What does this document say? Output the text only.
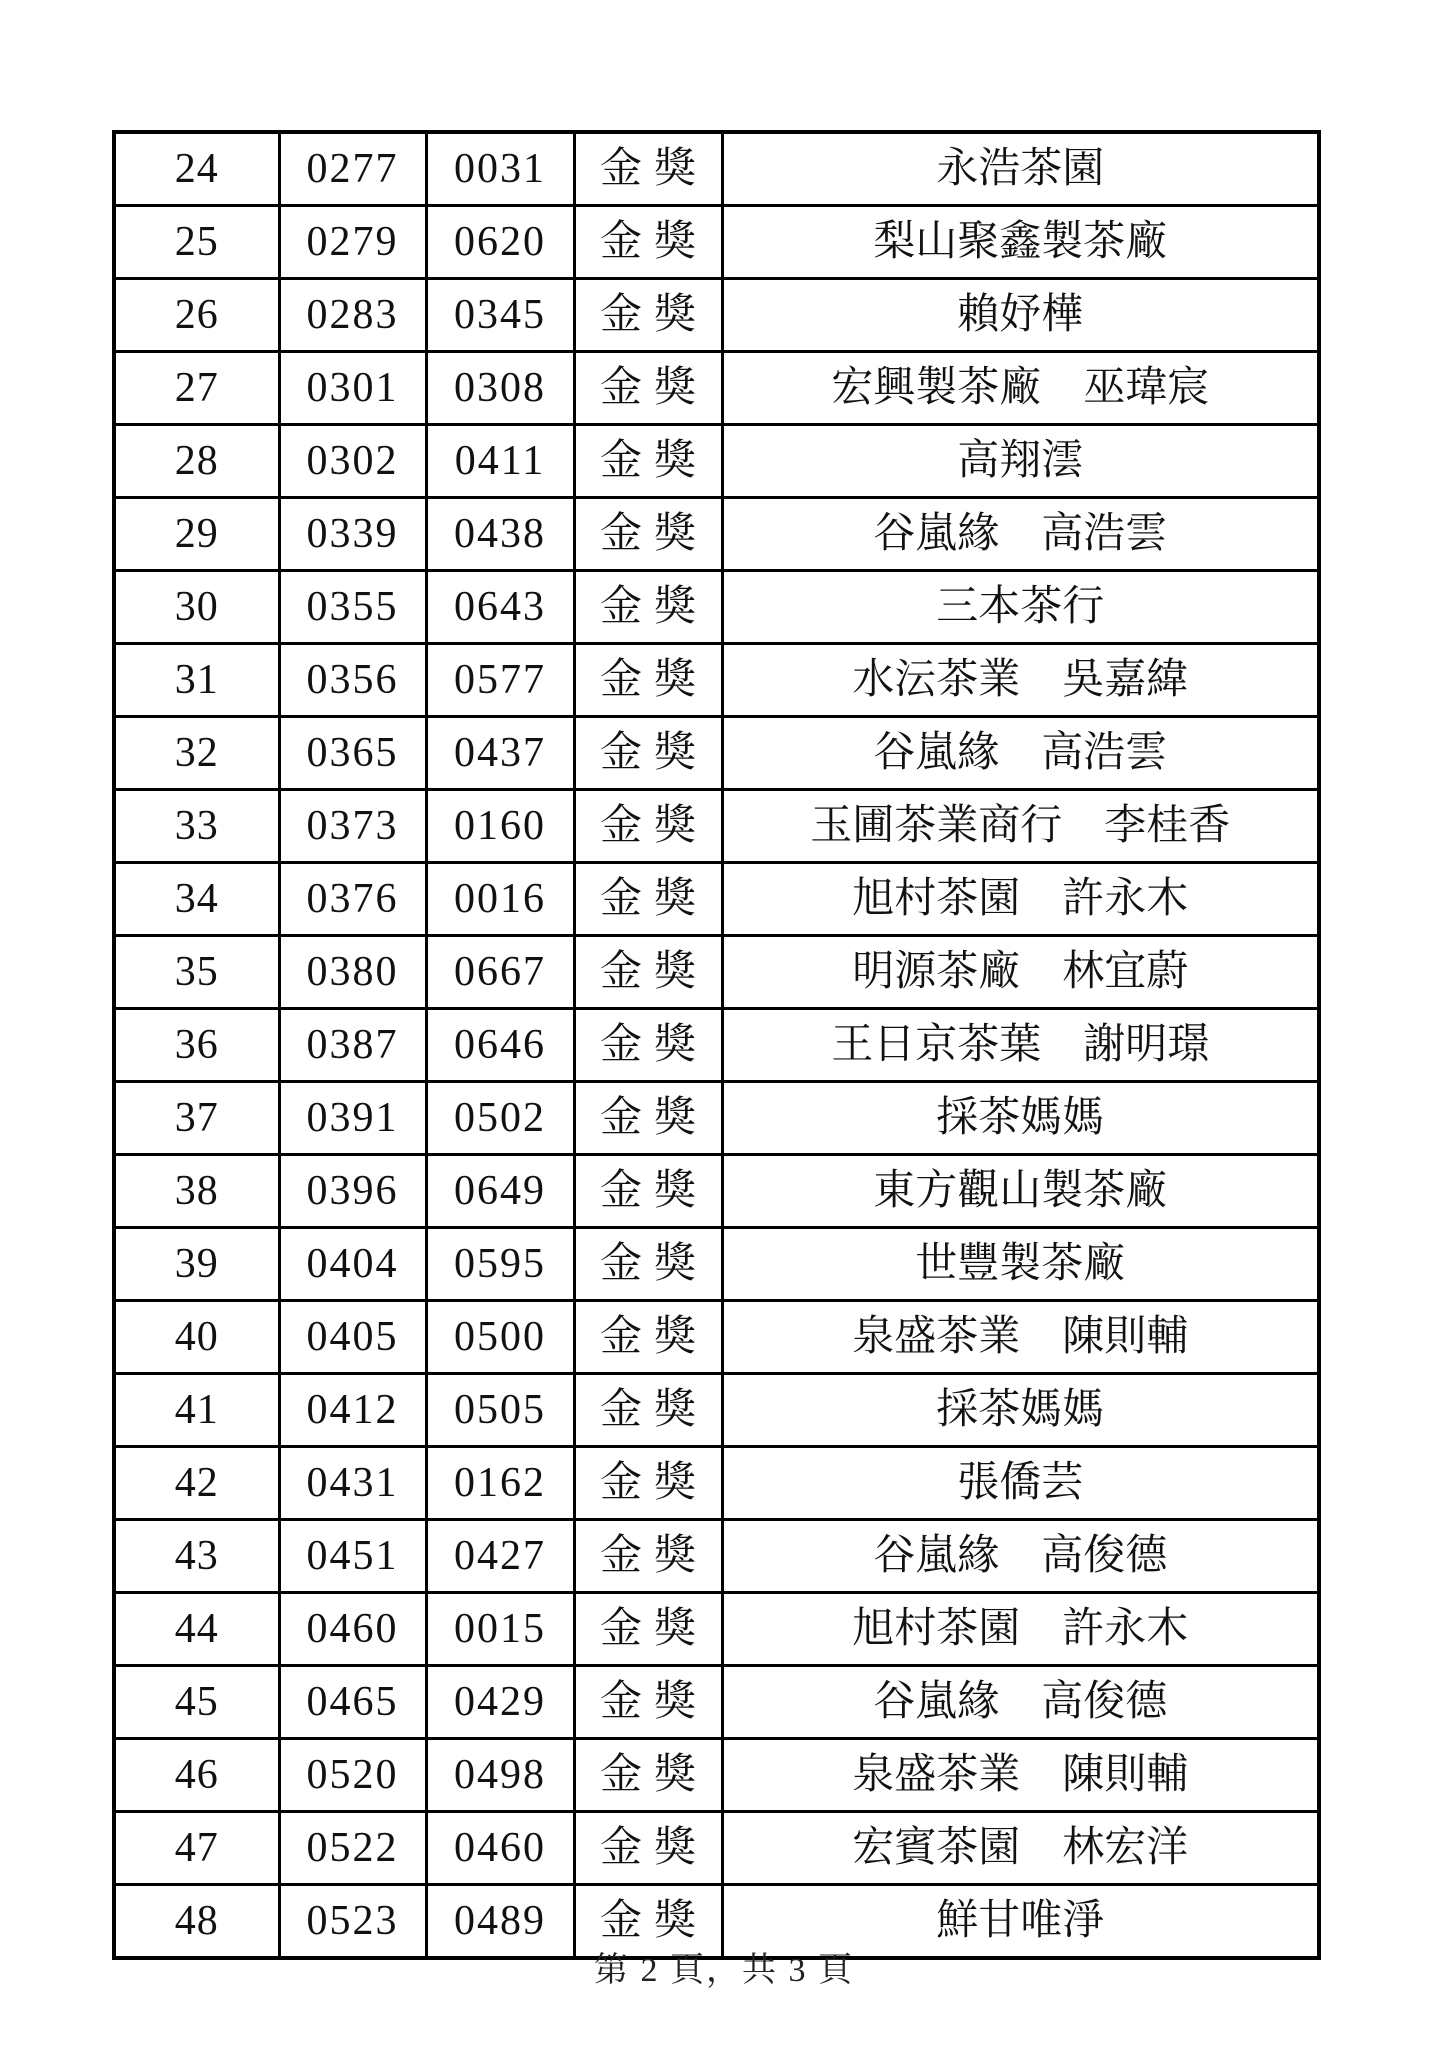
24	0277	0031	金獎	永浩茶園
25	0279	0620	金獎	梨山聚鑫製茶廠
26	0283	0345	金獎	賴妤樺
27	0301	0308	金獎	宏興製茶廠　巫瑋宸
28	0302	0411	金獎	高翔澐
29	0339	0438	金獎	谷嵐緣　高浩雲
30	0355	0643	金獎	三本茶行
31	0356	0577	金獎	水沄茶業　吳嘉緯
32	0365	0437	金獎	谷嵐緣　高浩雲
33	0373	0160	金獎	玉圃茶業商行　李桂香
34	0376	0016	金獎	旭村茶園　許永木
35	0380	0667	金獎	明源茶廠　林宜蔚
36	0387	0646	金獎	王日京茶葉　謝明璟
37	0391	0502	金獎	採茶媽媽
38	0396	0649	金獎	東方觀山製茶廠
39	0404	0595	金獎	世豐製茶廠
40	0405	0500	金獎	泉盛茶業　陳則輔
41	0412	0505	金獎	採茶媽媽
42	0431	0162	金獎	張僑芸
43	0451	0427	金獎	谷嵐緣　高俊德
44	0460	0015	金獎	旭村茶園　許永木
45	0465	0429	金獎	谷嵐緣　高俊德
46	0520	0498	金獎	泉盛茶業　陳則輔
47	0522	0460	金獎	宏賓茶園　林宏洋
48	0523	0489	金獎	鮮甘唯淨
第 2 頁，共 3 頁
